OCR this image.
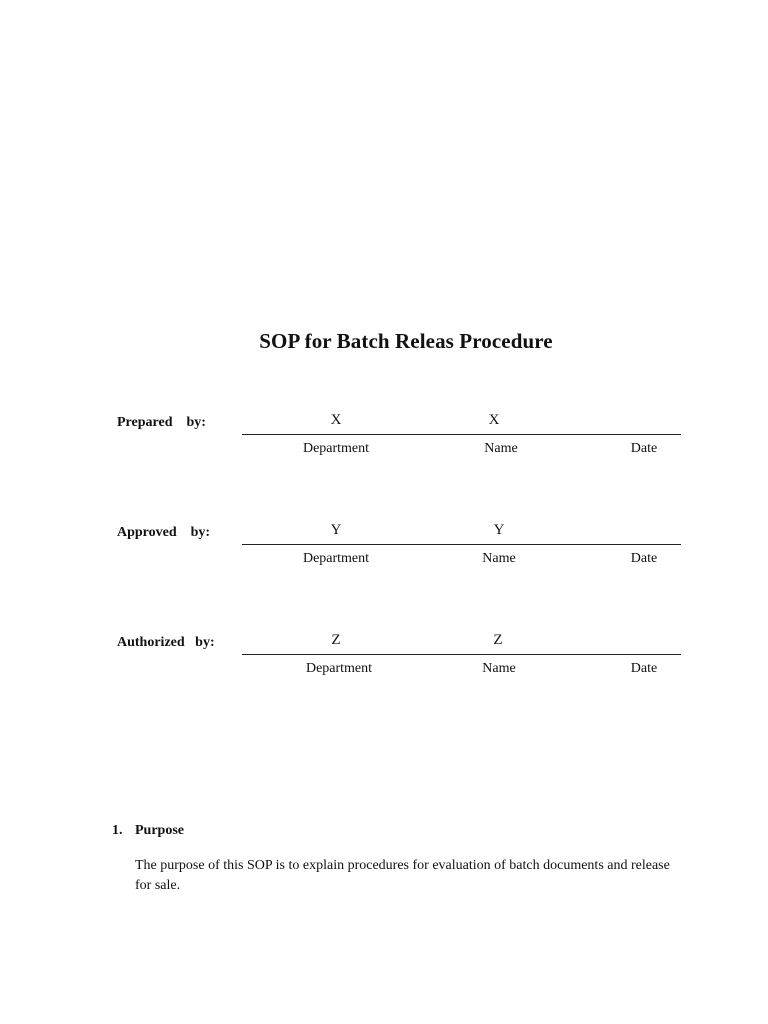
SOP for Batch Releas Procedure
Prepared    by:	X	X
Department	Name	Date
Approved    by:	Y	Y
Department	Name	Date
Authorized   by:	Z	Z
Department	Name	Date
1. Purpose

The purpose of this SOP is to explain procedures for evaluation of batch documents and release for sale.
